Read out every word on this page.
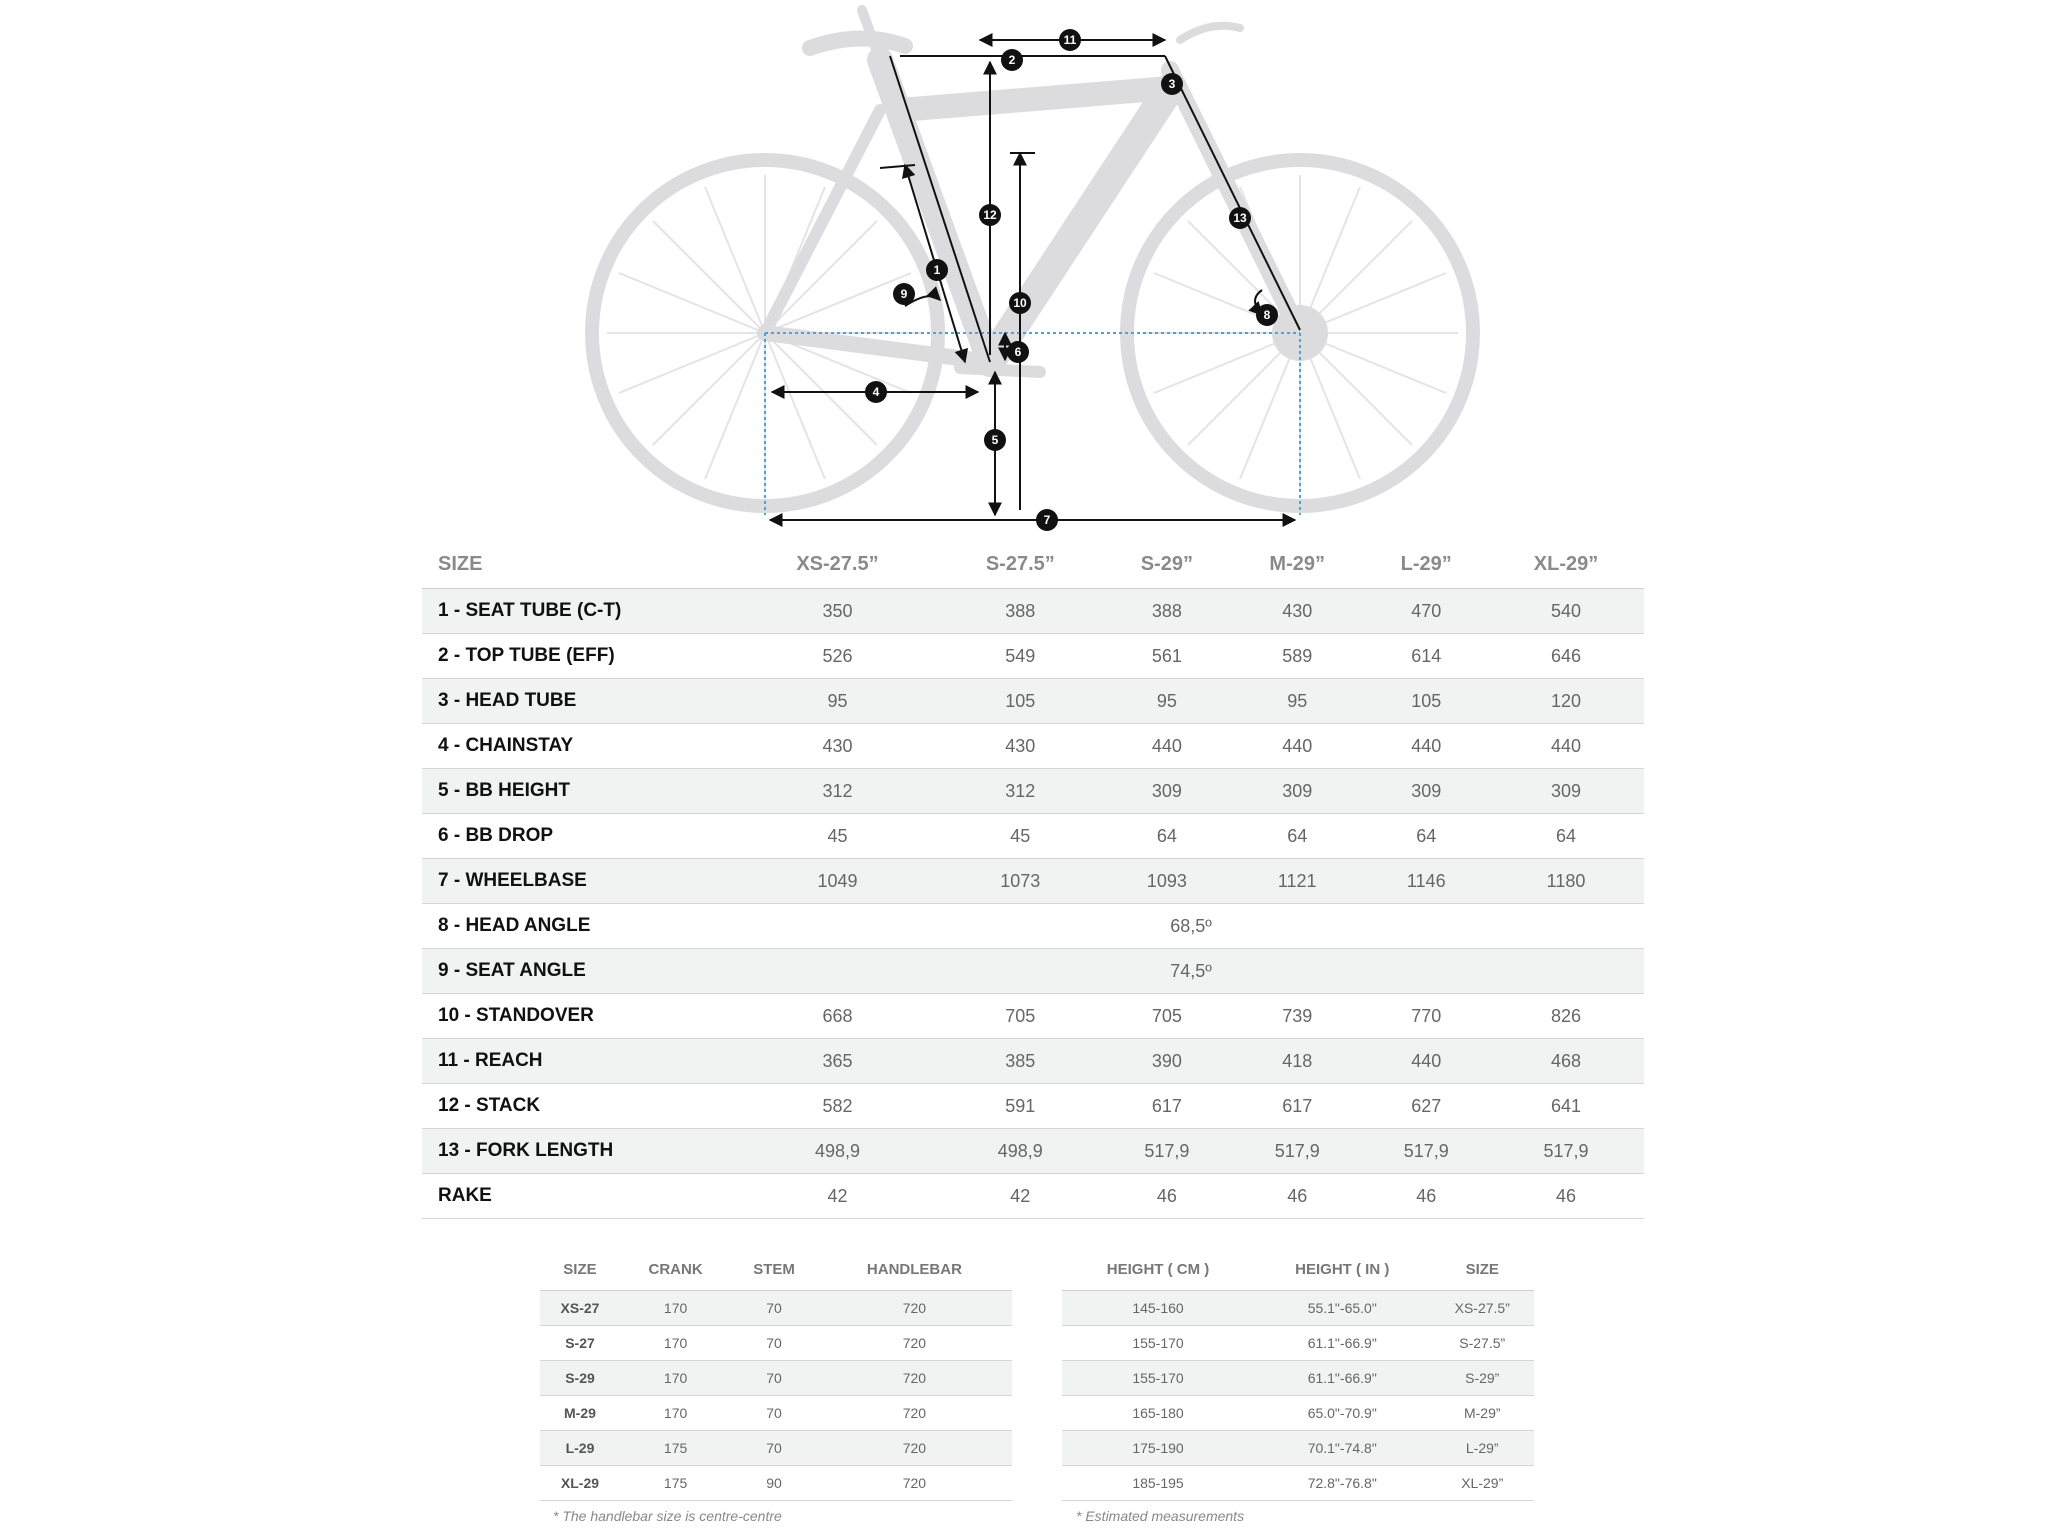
1
2
3
4
5
6
7
8
9
10
11
12	13
SIZE	XS-27.5”	S-27.5”	S-29”	M-29”	L-29”	XL-29”
1 - SEAT TUBE (C-T)	350	388	388	430	470	540
2 - TOP TUBE (EFF)	526	549	561	589	614	646
3 - HEAD TUBE	95	105	95	95	105	120
4 - CHAINSTAY	430	430	440	440	440	440
5 - BB HEIGHT	312	312	309	309	309	309
6 - BB DROP	45	45	64	64	64	64
7 - WHEELBASE	1049	1073	1093	1121	1146	1180
8 - HEAD ANGLE	68,5º					
9 - SEAT ANGLE	74,5º					
10 - STANDOVER	668	705	705	739	770	826
11 - REACH	365	385	390	418	440	468
12 - STACK	582	591	617	617	627	641
13 - FORK LENGTH	498,9	498,9	517,9	517,9	517,9	517,9
RAKE	42	42	46	46	46	46
SIZE	CRANK	STEM	HANDLEBAR
XS-27	170	70	720
S-27	170	70	720
S-29	170	70	720
M-29	170	70	720
L-29	175	70	720
XL-29	175	90	720
HEIGHT ( CM )	HEIGHT ( IN )	SIZE
145-160	55.1"-65.0"	XS-27.5”
155-170	61.1"-66.9"	S-27.5”
155-170	61.1"-66.9"	S-29”
165-180	65.0"-70.9"	M-29”
175-190	70.1"-74.8"	L-29”
185-195	72.8"-76.8"	XL-29”
* The handlebar size is centre-centre	* Estimated measurements
